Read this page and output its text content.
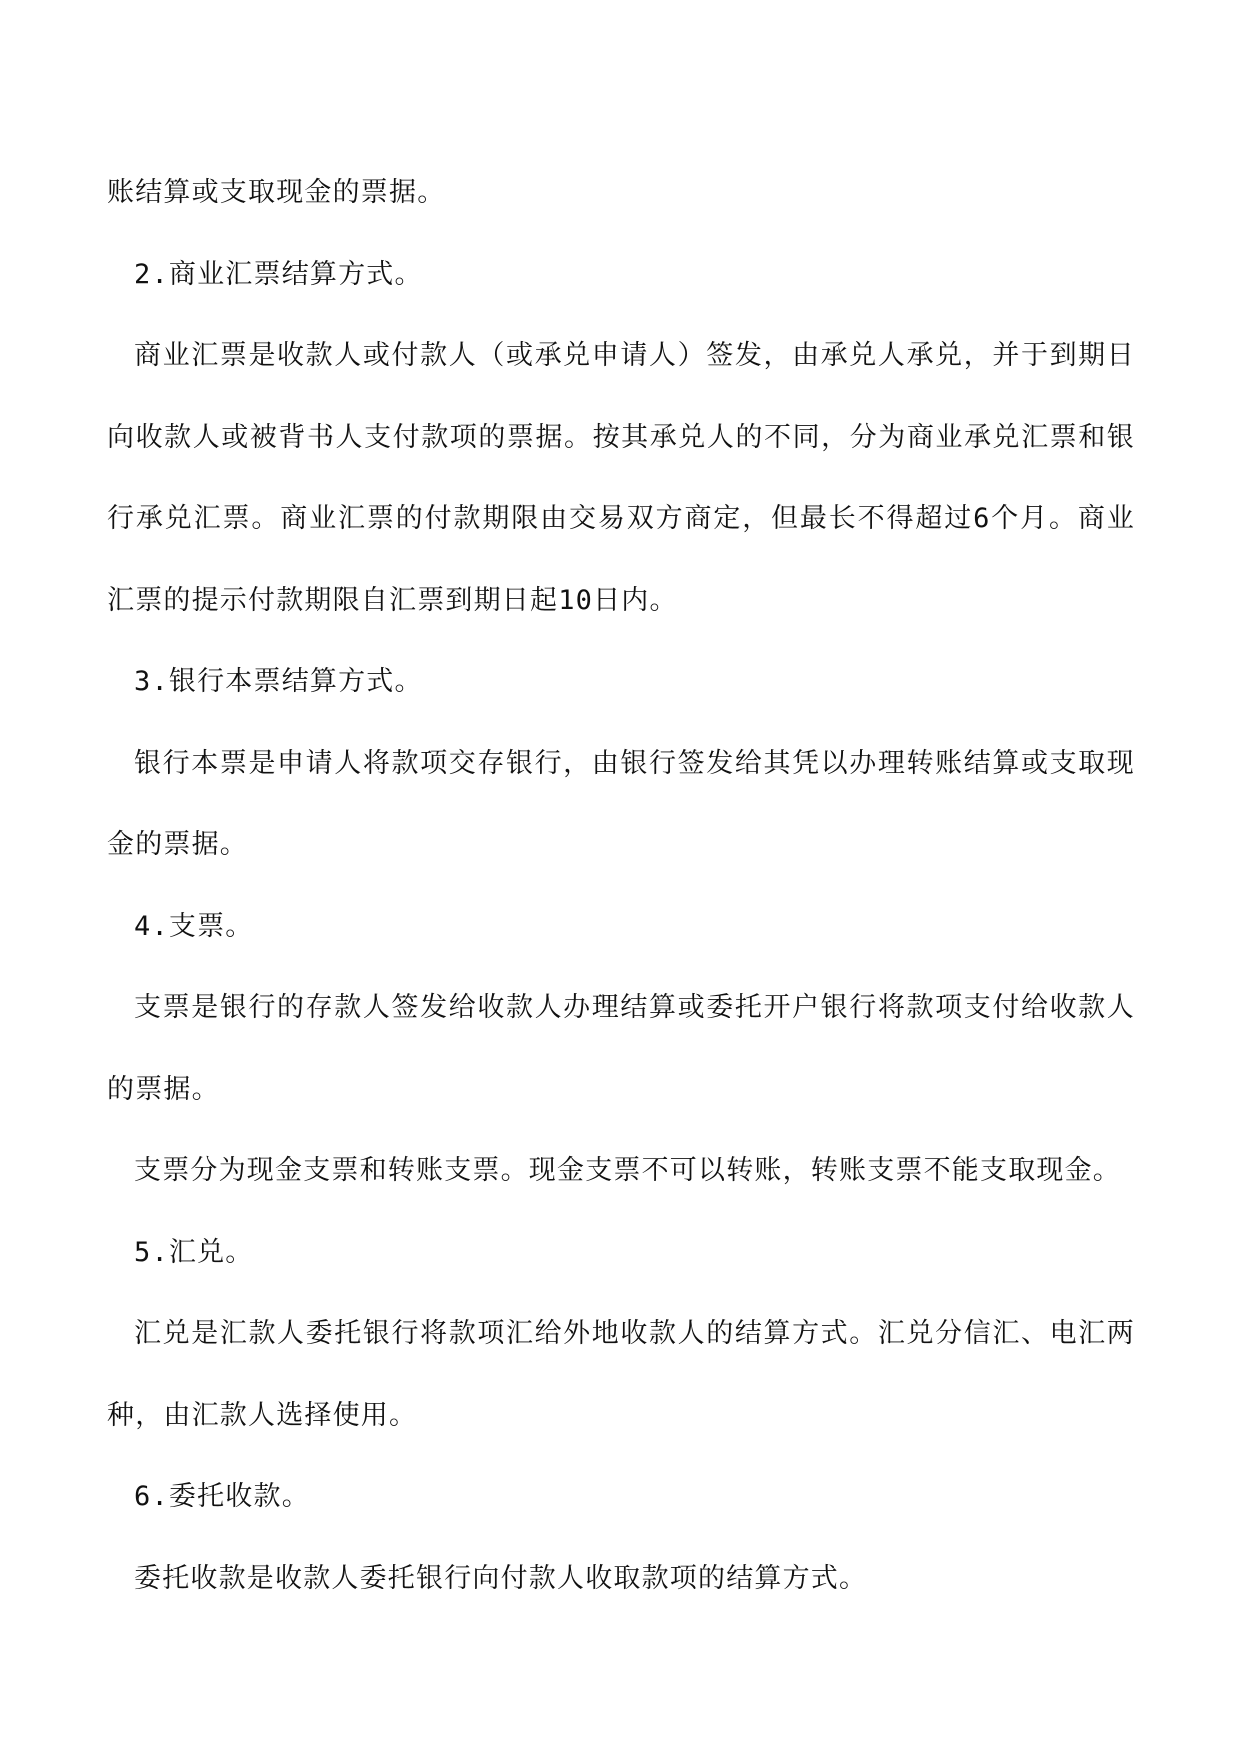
账结算或支取现金的票据。

2.商业汇票结算方式。

商业汇票是收款人或付款人（或承兑申请人）签发，由承兑人承兑，并于到期日向收款人或被背书人支付款项的票据。按其承兑人的不同，分为商业承兑汇票和银行承兑汇票。商业汇票的付款期限由交易双方商定，但最长不得超过6个月。商业汇票的提示付款期限自汇票到期日起10日内。

3.银行本票结算方式。

银行本票是申请人将款项交存银行，由银行签发给其凭以办理转账结算或支取现金的票据。

4.支票。

支票是银行的存款人签发给收款人办理结算或委托开户银行将款项支付给收款人的票据。

支票分为现金支票和转账支票。现金支票不可以转账，转账支票不能支取现金。

5.汇兑。

汇兑是汇款人委托银行将款项汇给外地收款人的结算方式。汇兑分信汇、电汇两种，由汇款人选择使用。

6.委托收款。

委托收款是收款人委托银行向付款人收取款项的结算方式。
